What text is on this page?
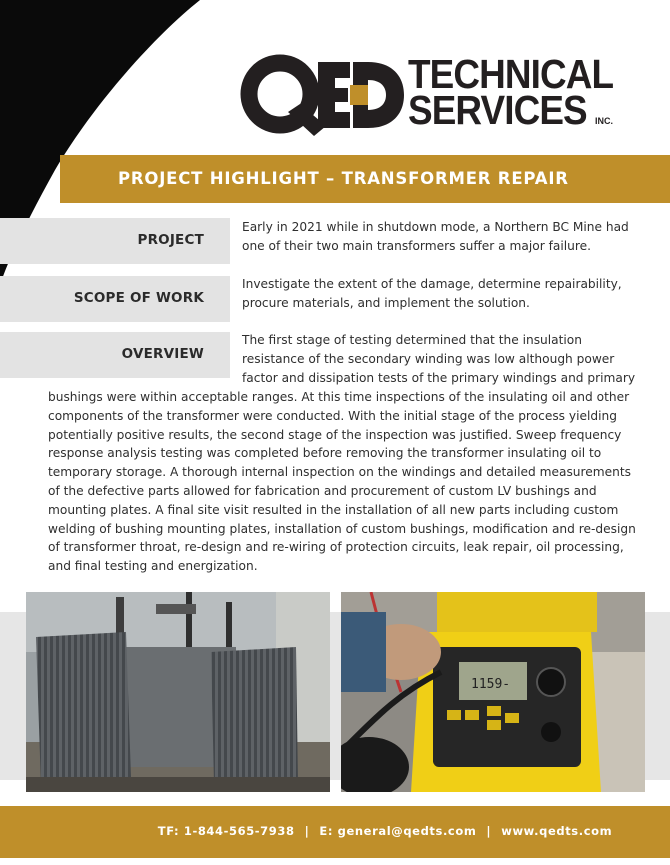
TECHNICAL
SERVICES INC.
PROJECT HIGHLIGHT – TRANSFORMER REPAIR
PROJECT
Early in 2021 while in shutdown mode, a Northern BC Mine had one of their two main transformers suffer a major failure.
SCOPE OF WORK
Investigate the extent of the damage, determine repairability, procure materials, and implement the solution.
OVERVIEW
The first stage of testing determined that the insulation resistance of the secondary winding was low although power factor and dissipation tests of the primary windings and primary
bushings were within acceptable ranges. At this time inspections of the insulating oil and other components of the transformer were conducted. With the initial stage of the process yielding potentially positive results, the second stage of the inspection was justified. Sweep frequency response analysis testing was completed before removing the transformer insulating oil to temporary storage. A thorough internal inspection on the windings and detailed measurements of the defective parts allowed for fabrication and procurement of custom LV bushings and mounting plates. A final site visit resulted in the installation of all new parts including custom welding of bushing mounting plates, installation of custom bushings, modification and re-design of transformer throat, re-design and re-wiring of protection circuits, leak repair, oil processing, and final testing and energization.
1159-
TF: 1-844-565-7938 | E: general@qedts.com | www.qedts.com
